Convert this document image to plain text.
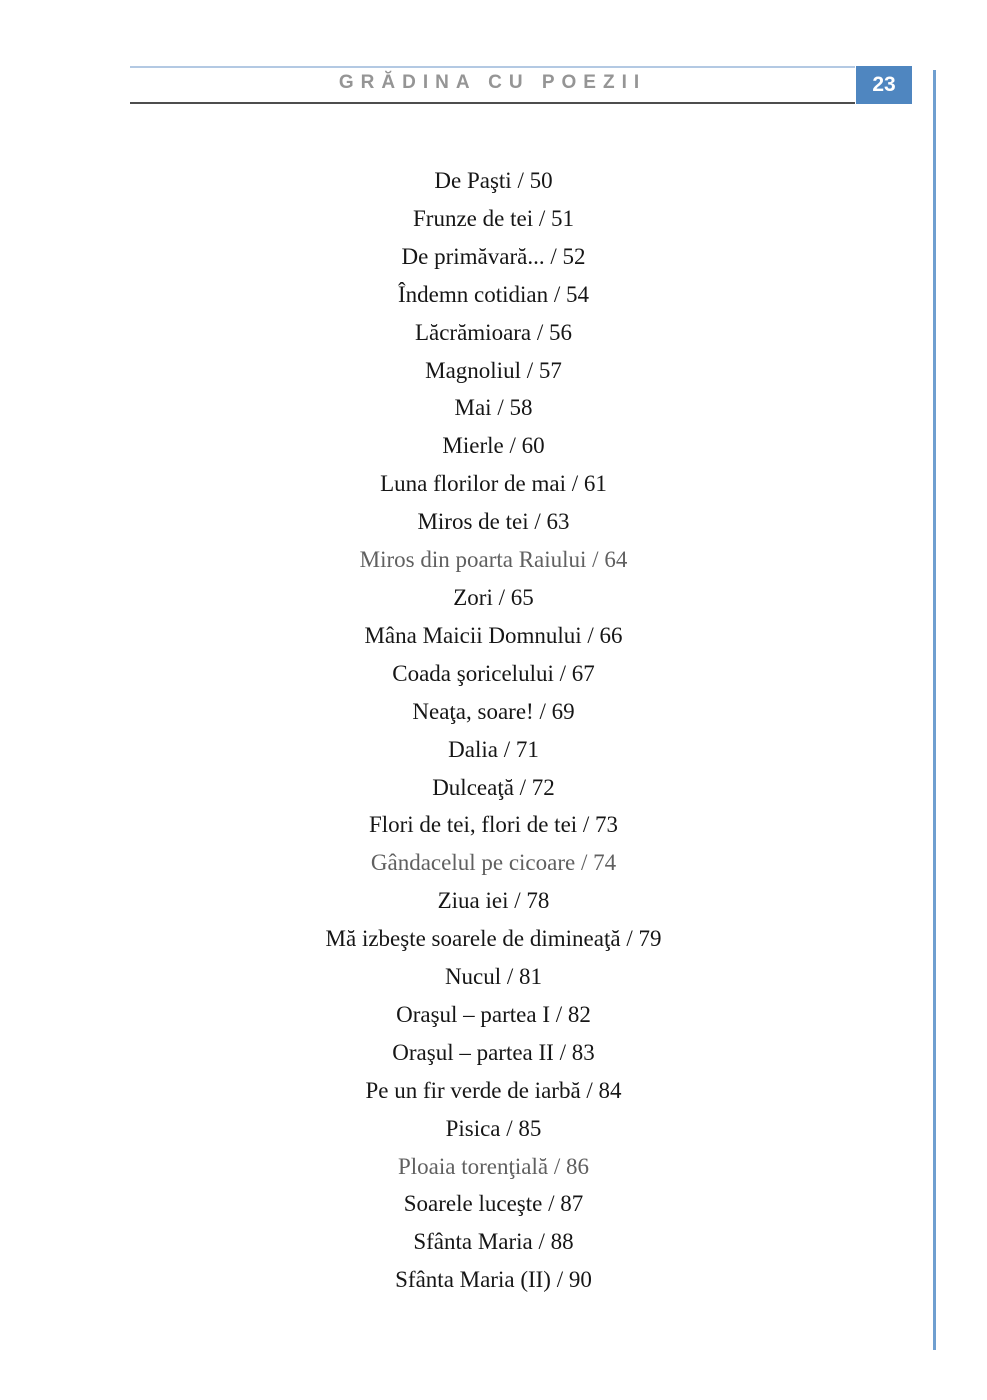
GRĂDINA CU POEZII	23
De Paşti / 50
Frunze de tei / 51
De primăvară... / 52
Îndemn cotidian / 54
Lăcrămioara / 56
Magnoliul / 57
Mai / 58
Mierle / 60
Luna florilor de mai / 61
Miros de tei / 63
Miros din poarta Raiului / 64
Zori / 65
Mâna Maicii Domnului / 66
Coada şoricelului / 67
Neaţa, soare! / 69
Dalia / 71
Dulceaţă / 72
Flori de tei, flori de tei / 73
Gândacelul pe cicoare / 74
Ziua iei / 78
Mă izbeşte soarele de dimineaţă / 79
Nucul / 81
Oraşul – partea I / 82
Oraşul – partea II / 83
Pe un fir verde de iarbă / 84
Pisica / 85
Ploaia torenţială / 86
Soarele luceşte / 87
Sfânta Maria / 88
Sfânta Maria (II) / 90
